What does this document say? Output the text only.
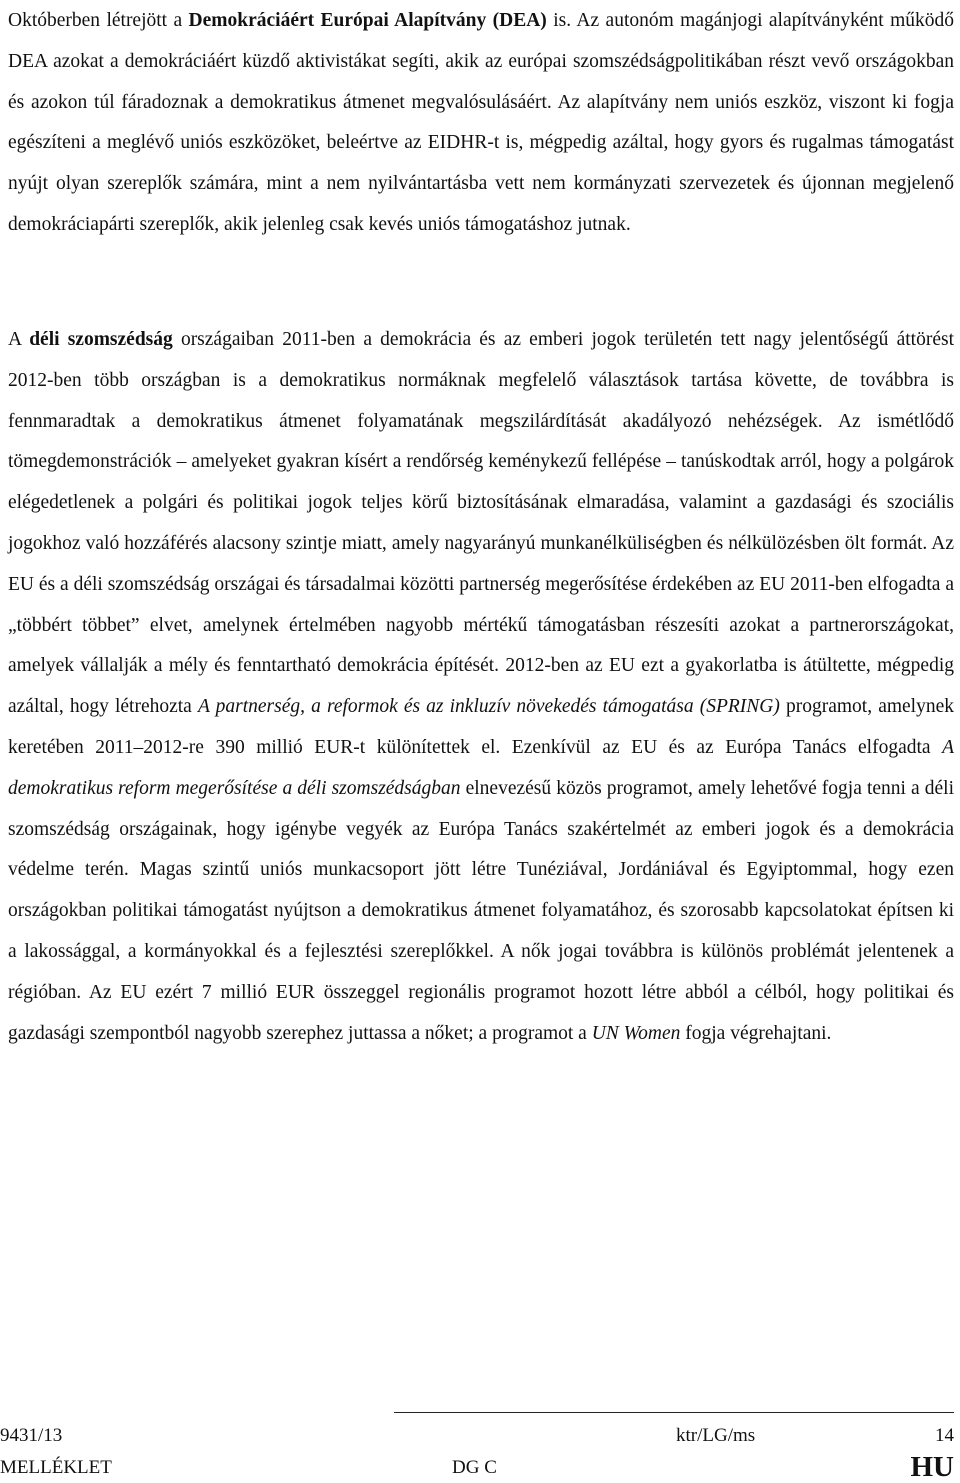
Októberben létrejött a Demokráciáért Európai Alapítvány (DEA) is. Az autonóm magánjogi alapítványként működő DEA azokat a demokráciáért küzdő aktivistákat segíti, akik az európai szomszédságpolitikában részt vevő országokban és azokon túl fáradoznak a demokratikus átmenet megvalósulásáért. Az alapítvány nem uniós eszköz, viszont ki fogja egészíteni a meglévő uniós eszközöket, beleértve az EIDHR-t is, mégpedig azáltal, hogy gyors és rugalmas támogatást nyújt olyan szereplők számára, mint a nem nyilvántartásba vett nem kormányzati szervezetek és újonnan megjelenő demokráciapárti szereplők, akik jelenleg csak kevés uniós támogatáshoz jutnak.

A déli szomszédság országaiban 2011-ben a demokrácia és az emberi jogok területén tett nagy jelentőségű áttörést 2012-ben több országban is a demokratikus normáknak megfelelő választások tartása követte, de továbbra is fennmaradtak a demokratikus átmenet folyamatának megszilárdítását akadályozó nehézségek. Az ismétlődő tömegdemonstrációk – amelyeket gyakran kísért a rendőrség keménykezű fellépése – tanúskodtak arról, hogy a polgárok elégedetlenek a polgári és politikai jogok teljes körű biztosításának elmaradása, valamint a gazdasági és szociális jogokhoz való hozzáférés alacsony szintje miatt, amely nagyarányú munkanélküliségben és nélkülözésben ölt formát. Az EU és a déli szomszédság országai és társadalmai közötti partnerség megerősítése érdekében az EU 2011-ben elfogadta a „többért többet” elvet, amelynek értelmében nagyobb mértékű támogatásban részesíti azokat a partnerországokat, amelyek vállalják a mély és fenntartható demokrácia építését. 2012-ben az EU ezt a gyakorlatba is átültette, mégpedig azáltal, hogy létrehozta A partnerség, a reformok és az inkluzív növekedés támogatása (SPRING) programot, amelynek keretében 2011–2012-re 390 millió EUR-t különítettek el. Ezenkívül az EU és az Európa Tanács elfogadta A demokratikus reform megerősítése a déli szomszédságban elnevezésű közös programot, amely lehetővé fogja tenni a déli szomszédság országainak, hogy igénybe vegyék az Európa Tanács szakértelmét az emberi jogok és a demokrácia védelme terén. Magas szintű uniós munkacsoport jött létre Tunéziával, Jordániával és Egyiptommal, hogy ezen országokban politikai támogatást nyújtson a demokratikus átmenet folyamatához, és szorosabb kapcsolatokat építsen ki a lakossággal, a kormányokkal és a fejlesztési szereplőkkel. A nők jogai továbbra is különös problémát jelentenek a régióban. Az EU ezért 7 millió EUR összeggel regionális programot hozott létre abból a célból, hogy politikai és gazdasági szempontból nagyobb szerephez juttassa a nőket; a programot a UN Women fogja végrehajtani.

9431/13	ktr/LG/ms	14
MELLÉKLET	DG C	HU
